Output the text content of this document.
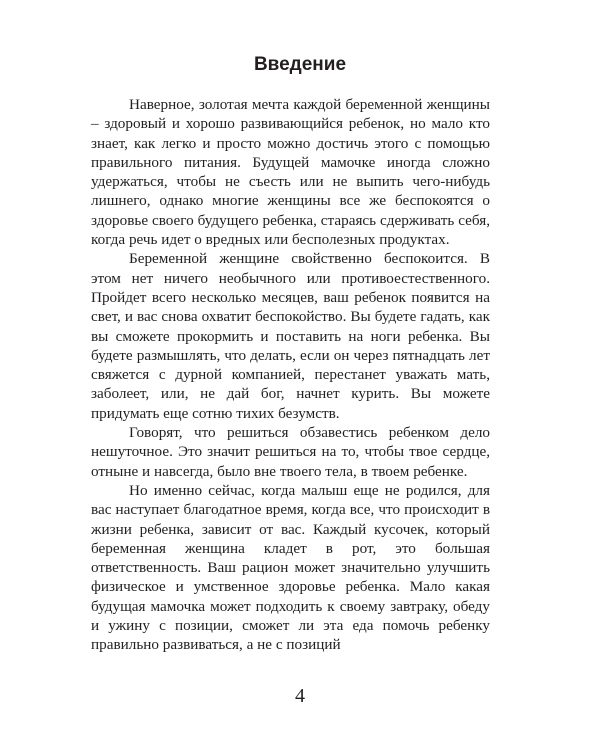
Введение

Наверное, золотая мечта каждой беременной женщины – здоровый и хорошо развивающийся ребенок, но мало кто знает, как легко и просто можно достичь этого с помощью правильного питания. Будущей мамочке иногда сложно удержаться, чтобы не съесть или не выпить чего-нибудь лишнего, однако многие женщины все же беспокоятся о здоровье своего будущего ребенка, стараясь сдерживать себя, когда речь идет о вредных или бесполезных продуктах.

Беременной женщине свойственно беспокоится. В этом нет ничего необычного или противоестественного. Пройдет всего несколько месяцев, ваш ребенок появится на свет, и вас снова охватит беспокойство. Вы будете гадать, как вы сможете прокормить и поставить на ноги ребенка. Вы будете размышлять, что делать, если он через пятнадцать лет свяжется с дурной компанией, перестанет уважать мать, заболеет, или, не дай бог, начнет курить. Вы можете придумать еще сотню тихих безумств.

Говорят, что решиться обзавестись ребенком дело нешуточное. Это значит решиться на то, чтобы твое сердце, отныне и навсегда, было вне твоего тела, в твоем ребенке.

Но именно сейчас, когда малыш еще не родился, для вас наступает благодатное время, когда все, что происходит в жизни ребенка, зависит от вас. Каждый кусочек, который беременная женщина кладет в рот, это большая ответственность. Ваш рацион может значительно улучшить физическое и умственное здоровье ребенка. Мало какая будущая мамочка может подходить к своему завтраку, обеду и ужину с позиции, сможет ли эта еда помочь ребенку правильно развиваться, а не с позиций

4
